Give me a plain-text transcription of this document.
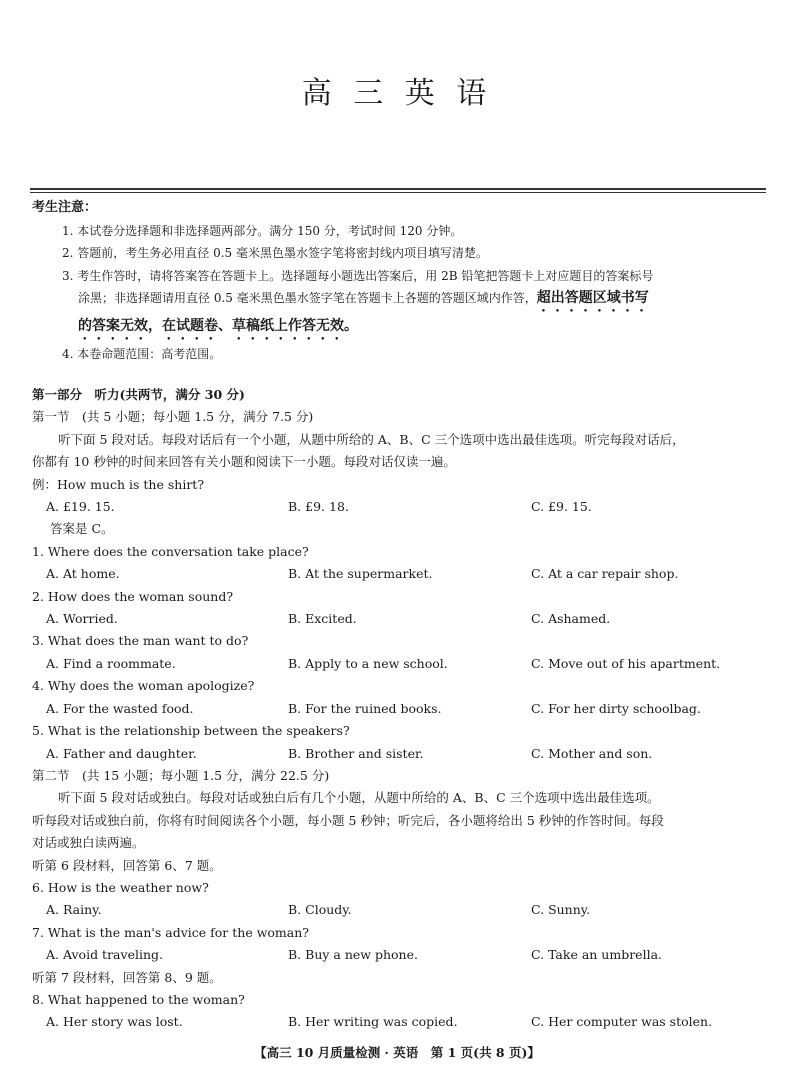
高 三 英 语
考生注意：
1. 本试卷分选择题和非选择题两部分。满分 150 分，考试时间 120 分钟。
2. 答题前，考生务必用直径 0.5 毫米黑色墨水签字笔将密封线内项目填写清楚。
3. 考生作答时，请将答案答在答题卡上。选择题每小题选出答案后，用 2B 铅笔把答题卡上对应题目的答案标号
涂黑；非选择题请用直径 0.5 毫米黑色墨水签字笔在答题卡上各题的答题区域内作答，超出答题区域书写
的答案无效，在试题卷、草稿纸上作答无效。
4. 本卷命题范围：高考范围。
第一部分　听力(共两节，满分 30 分)
第一节　(共 5 小题；每小题 1.5 分，满分 7.5 分)
听下面 5 段对话。每段对话后有一个小题，从题中所给的 A、B、C 三个选项中选出最佳选项。听完每段对话后，
你都有 10 秒钟的时间来回答有关小题和阅读下一小题。每段对话仅读一遍。
例：How much is the shirt?
A. £19. 15.	B. £9. 18.	C. £9. 15.
答案是 C。
1. Where does the conversation take place?
A. At home.	B. At the supermarket.	C. At a car repair shop.
2. How does the woman sound?
A. Worried.	B. Excited.	C. Ashamed.
3. What does the man want to do?
A. Find a roommate.	B. Apply to a new school.	C. Move out of his apartment.
4. Why does the woman apologize?
A. For the wasted food.	B. For the ruined books.	C. For her dirty schoolbag.
5. What is the relationship between the speakers?
A. Father and daughter.	B. Brother and sister.	C. Mother and son.
第二节　(共 15 小题；每小题 1.5 分，满分 22.5 分)
听下面 5 段对话或独白。每段对话或独白后有几个小题，从题中所给的 A、B、C 三个选项中选出最佳选项。
听每段对话或独白前，你将有时间阅读各个小题，每小题 5 秒钟；听完后，各小题将给出 5 秒钟的作答时间。每段
对话或独白读两遍。
听第 6 段材料，回答第 6、7 题。
6. How is the weather now?
A. Rainy.	B. Cloudy.	C. Sunny.
7. What is the man's advice for the woman?
A. Avoid traveling.	B. Buy a new phone.	C. Take an umbrella.
听第 7 段材料，回答第 8、9 题。
8. What happened to the woman?
A. Her story was lost.	B. Her writing was copied.	C. Her computer was stolen.
【高三 10 月质量检测 · 英语　第 1 页(共 8 页)】
